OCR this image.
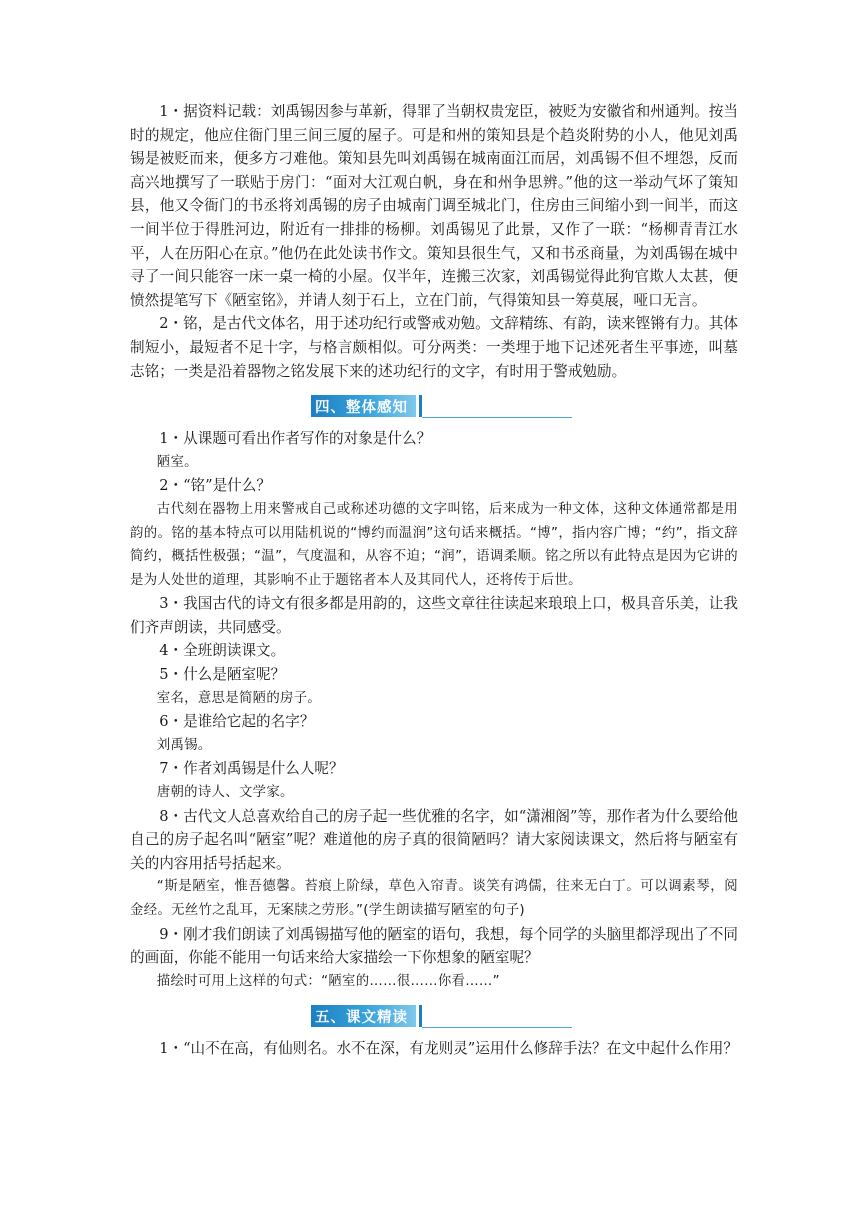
1・据资料记载：刘禹锡因参与革新，得罪了当朝权贵宠臣，被贬为安徽省和州通判。按当时的规定，他应住衙门里三间三厦的屋子。可是和州的策知县是个趋炎附势的小人，他见刘禹锡是被贬而来，便多方刁难他。策知县先叫刘禹锡在城南面江而居，刘禹锡不但不埋怨，反而高兴地撰写了一联贴于房门：“面对大江观白帆，身在和州争思辨。”他的这一举动气坏了策知县，他又令衙门的书丞将刘禹锡的房子由城南门调至城北门，住房由三间缩小到一间半，而这一间半位于得胜河边，附近有一排排的杨柳。刘禹锡见了此景，又作了一联：“杨柳青青江水平，人在历阳心在京。”他仍在此处读书作文。策知县很生气，又和书丞商量，为刘禹锡在城中寻了一间只能容一床一桌一椅的小屋。仅半年，连搬三次家，刘禹锡觉得此狗官欺人太甚，便愤然提笔写下《陋室铭》，并请人刻于石上，立在门前，气得策知县一筹莫展，哑口无言。

2・铭，是古代文体名，用于述功纪行或警戒劝勉。文辞精练、有韵，读来铿锵有力。其体制短小，最短者不足十字，与格言颇相似。可分两类：一类埋于地下记述死者生平事迹，叫墓志铭；一类是沿着器物之铭发展下来的述功纪行的文字，有时用于警戒勉励。

四、整体感知

1・从课题可看出作者写作的对象是什么？

陋室。

2・“铭”是什么？

古代刻在器物上用来警戒自己或称述功德的文字叫铭，后来成为一种文体，这种文体通常都是用韵的。铭的基本特点可以用陆机说的“博约而温润”这句话来概括。“博”，指内容广博；“约”，指文辞简约，概括性极强；“温”，气度温和，从容不迫；“润”，语调柔顺。铭之所以有此特点是因为它讲的是为人处世的道理，其影响不止于题铭者本人及其同代人，还将传于后世。

3・我国古代的诗文有很多都是用韵的，这些文章往往读起来琅琅上口，极具音乐美，让我们齐声朗读，共同感受。

4・全班朗读课文。

5・什么是陋室呢？

室名，意思是简陋的房子。

6・是谁给它起的名字？

刘禹锡。

7・作者刘禹锡是什么人呢？

唐朝的诗人、文学家。

8・古代文人总喜欢给自己的房子起一些优雅的名字，如“潇湘阁”等，那作者为什么要给他自己的房子起名叫“陋室”呢？难道他的房子真的很简陋吗？请大家阅读课文，然后将与陋室有关的内容用括号括起来。

“斯是陋室，惟吾德馨。苔痕上阶绿，草色入帘青。谈笑有鸿儒，往来无白丁。可以调素琴，阅金经。无丝竹之乱耳，无案牍之劳形。”(学生朗读描写陋室的句子)

9・刚才我们朗读了刘禹锡描写他的陋室的语句，我想，每个同学的头脑里都浮现出了不同的画面，你能不能用一句话来给大家描绘一下你想象的陋室呢？

描绘时可用上这样的句式：“陋室的……很……你看……”

五、课文精读

1・“山不在高，有仙则名。水不在深，有龙则灵”运用什么修辞手法？在文中起什么作用？
